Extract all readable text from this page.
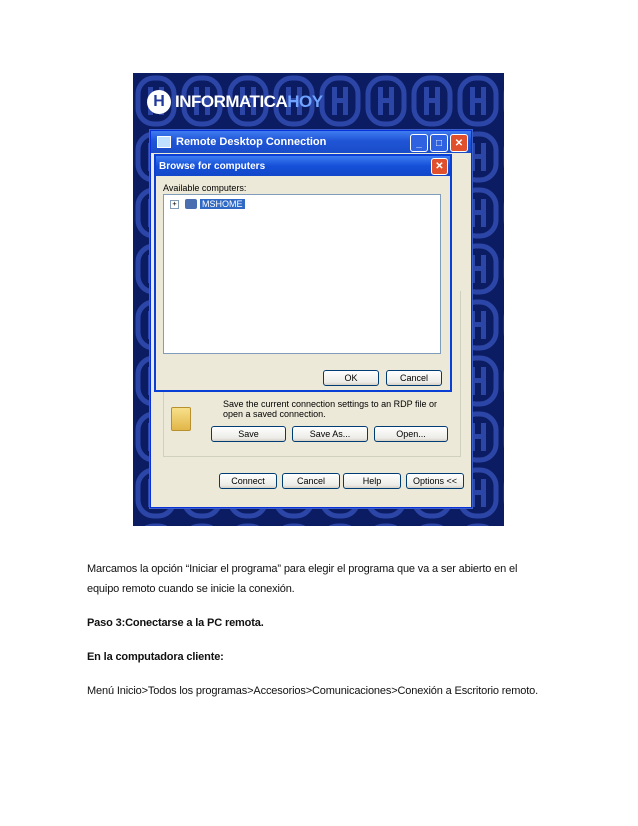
H INFORMATICAHOY
Remote Desktop Connection	_	□	✕
Save the current connection settings to an RDP file or open a saved connection.
Save	Save As...	Open...
Connect	Cancel	Help	Options <<
Browse for computers	✕
Available computers:
+	MSHOME
OK	Cancel
Marcamos la opción “Iniciar el programa” para elegir el programa que va a ser abierto en el
equipo remoto cuando se inicie la conexión.
Paso 3:Conectarse a la PC remota.
En la computadora cliente:
Menú Inicio>Todos los programas>Accesorios>Comunicaciones>Conexión a Escritorio remoto.
